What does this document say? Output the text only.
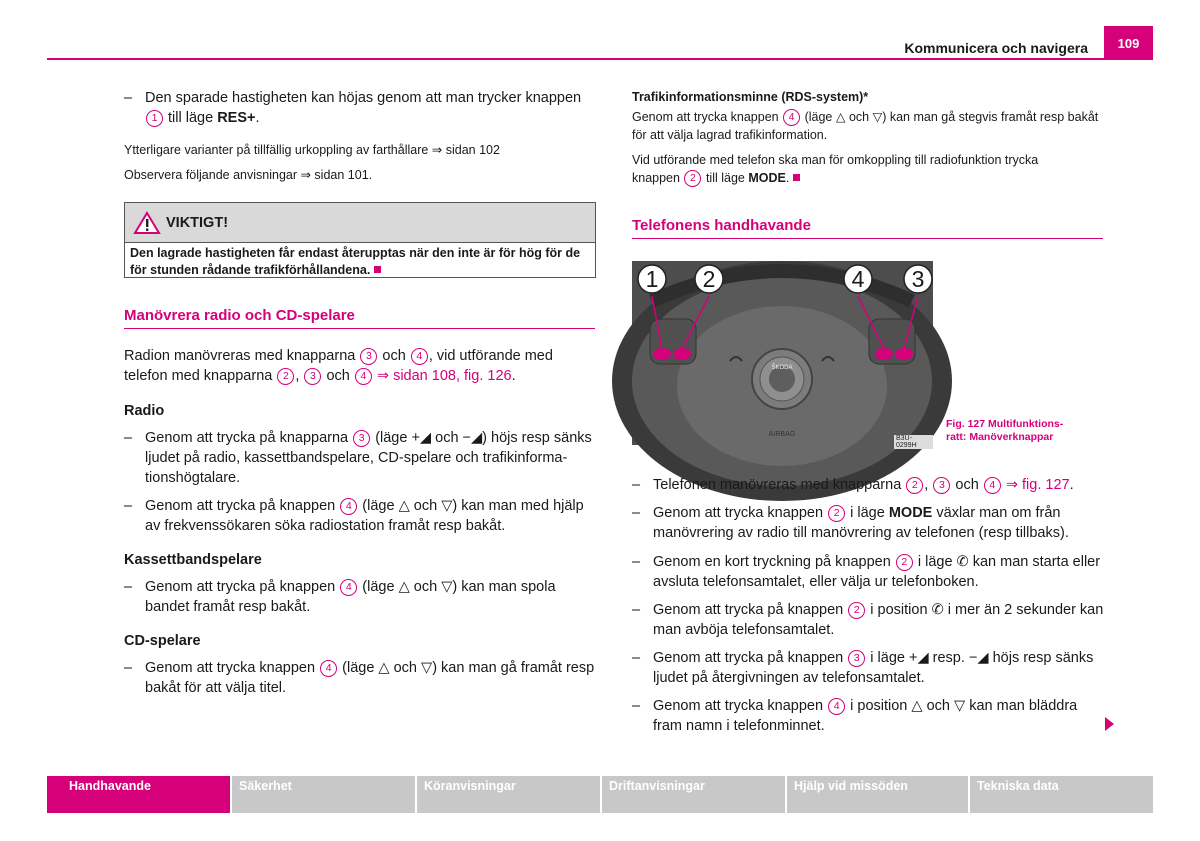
Kommunicera och navigera	109
– Den sparade hastigheten kan höjas genom att man trycker knappen
1 till läge RES+.
Ytterligare varianter på tillfällig urkoppling av farthållare ⇒ sidan 102
Observera följande anvisningar ⇒ sidan 101.
VIKTIGT!
Den lagrade hastigheten får endast återupptas när den inte är för hög för de för stunden rådande trafikförhållandena.
Manövrera radio och CD-spelare
Radion manövreras med knapparna 3 och 4 , vid utförande med
telefon med knapparna 2 , 3 och 4 ⇒ sidan 108, fig. 126.
Radio
– Genom att trycka på knapparna 3 (läge +◢ och −◢) höjs resp sänks
ljudet på radio, kassettbandspelare, CD-spelare och trafikinforma-
tionshögtalare.
– Genom att trycka på knappen 4 (läge △ och ▽) kan man med hjälp
av frekvenssökaren söka radiostation framåt resp bakåt.
Kassettbandspelare
– Genom att trycka på knappen 4 (läge △ och ▽) kan man spola
bandet framåt resp bakåt.
CD-spelare
– Genom att trycka knappen 4 (läge △ och ▽) kan man gå framåt resp
bakåt för att välja titel.
Trafikinformationsminne (RDS-system)*
Genom att trycka knappen 4 (läge △ och ▽) kan man gå stegvis framåt resp bakåt
för att välja lagrad trafikinformation.
Vid utförande med telefon ska man för omkoppling till radiofunktion trycka
knappen 2 till läge MODE.
Telefonens handhavande
1 2	4 3
ŠKODA
AIRBAG
B3U-0299H
Fig. 127 Multifunktions-
ratt: Manöverknappar
– Telefonen manövreras med knapparna 2 , 3 och 4 ⇒ fig. 127.
– Genom att trycka knappen 2 i läge MODE växlar man om från
manövrering av radio till manövrering av telefonen (resp tillbaks).
– Genom en kort tryckning på knappen 2 i läge ✆ kan man starta eller
avsluta telefonsamtalet, eller välja ur telefonboken.
– Genom att trycka på knappen 2 i position ✆ i mer än 2 sekunder kan
man avböja telefonsamtalet.
– Genom att trycka på knappen 3 i läge +◢ resp. −◢ höjs resp sänks
ljudet på återgivningen av telefonsamtalet.
– Genom att trycka knappen 4 i position △ och ▽ kan man bläddra
fram namn i telefonminnet.
Handhavande	Säkerhet	Köranvisningar	Driftanvisningar	Hjälp vid missöden	Tekniska data
